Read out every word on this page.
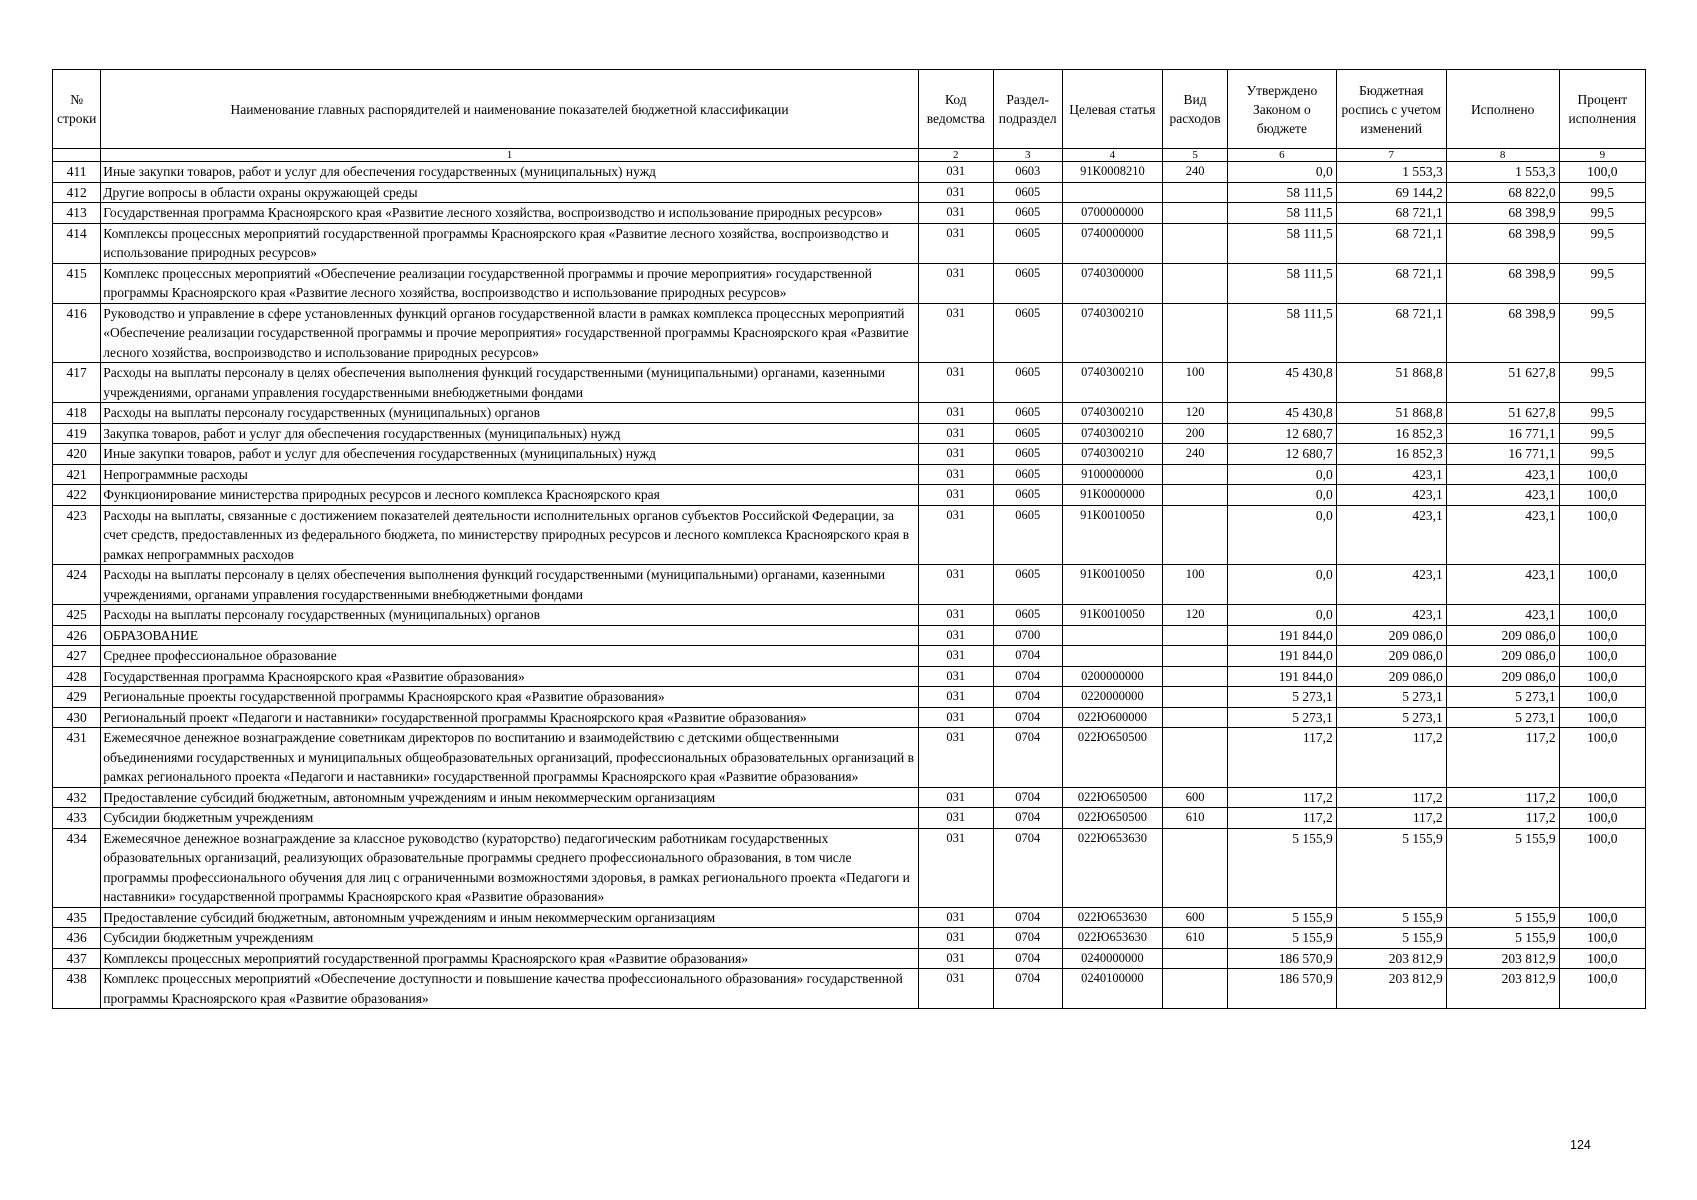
№ строки	Наименование главных распорядителей и наименование показателей бюджетной классификации	Код ведомства	Раздел-подраздел	Целевая статья	Вид расходов	Утверждено Законом о бюджете	Бюджетная роспись с учетом изменений	Исполнено	Процент исполнения
	1	2	3	4	5	6	7	8	9
411	Иные закупки товаров, работ и услуг для обеспечения государственных (муниципальных) нужд	031	0603	91К0008210	240	0,0	1 553,3	1 553,3	100,0
412	Другие вопросы в области охраны окружающей среды	031	0605			58 111,5	69 144,2	68 822,0	99,5
413	Государственная программа Красноярского края «Развитие лесного хозяйства, воспроизводство и использование природных ресурсов»	031	0605	0700000000		58 111,5	68 721,1	68 398,9	99,5
414	Комплексы процессных мероприятий государственной программы Красноярского края «Развитие лесного хозяйства, воспроизводство и использование природных ресурсов»	031	0605	0740000000		58 111,5	68 721,1	68 398,9	99,5
415	Комплекс процессных мероприятий «Обеспечение реализации государственной программы и прочие мероприятия» государственной программы Красноярского края «Развитие лесного хозяйства, воспроизводство и использование природных ресурсов»	031	0605	0740300000		58 111,5	68 721,1	68 398,9	99,5
416	Руководство и управление в сфере установленных функций органов государственной власти в рамках комплекса процессных мероприятий «Обеспечение реализации государственной программы и прочие мероприятия» государственной программы Красноярского края «Развитие лесного хозяйства, воспроизводство и использование природных ресурсов»	031	0605	0740300210		58 111,5	68 721,1	68 398,9	99,5
417	Расходы на выплаты персоналу в целях обеспечения выполнения функций государственными (муниципальными) органами, казенными учреждениями, органами управления государственными внебюджетными фондами	031	0605	0740300210	100	45 430,8	51 868,8	51 627,8	99,5
418	Расходы на выплаты персоналу государственных (муниципальных) органов	031	0605	0740300210	120	45 430,8	51 868,8	51 627,8	99,5
419	Закупка товаров, работ и услуг для обеспечения государственных (муниципальных) нужд	031	0605	0740300210	200	12 680,7	16 852,3	16 771,1	99,5
420	Иные закупки товаров, работ и услуг для обеспечения государственных (муниципальных) нужд	031	0605	0740300210	240	12 680,7	16 852,3	16 771,1	99,5
421	Непрограммные расходы	031	0605	9100000000		0,0	423,1	423,1	100,0
422	Функционирование министерства природных ресурсов и лесного комплекса Красноярского края	031	0605	91К0000000		0,0	423,1	423,1	100,0
423	Расходы на выплаты, связанные с достижением показателей деятельности исполнительных органов субъектов Российской Федерации, за счет средств, предоставленных из федерального бюджета, по министерству природных ресурсов и лесного комплекса Красноярского края в рамках непрограммных расходов	031	0605	91К0010050		0,0	423,1	423,1	100,0
424	Расходы на выплаты персоналу в целях обеспечения выполнения функций государственными (муниципальными) органами, казенными учреждениями, органами управления государственными внебюджетными фондами	031	0605	91К0010050	100	0,0	423,1	423,1	100,0
425	Расходы на выплаты персоналу государственных (муниципальных) органов	031	0605	91К0010050	120	0,0	423,1	423,1	100,0
426	ОБРАЗОВАНИЕ	031	0700			191 844,0	209 086,0	209 086,0	100,0
427	Среднее профессиональное образование	031	0704			191 844,0	209 086,0	209 086,0	100,0
428	Государственная программа Красноярского края «Развитие образования»	031	0704	0200000000		191 844,0	209 086,0	209 086,0	100,0
429	Региональные проекты государственной программы Красноярского края «Развитие образования»	031	0704	0220000000		5 273,1	5 273,1	5 273,1	100,0
430	Региональный проект «Педагоги и наставники» государственной программы Красноярского края «Развитие образования»	031	0704	022Ю600000		5 273,1	5 273,1	5 273,1	100,0
431	Ежемесячное денежное вознаграждение советникам директоров по воспитанию и взаимодействию с детскими общественными объединениями государственных и муниципальных общеобразовательных организаций, профессиональных образовательных организаций в рамках регионального проекта «Педагоги и наставники» государственной программы Красноярского края «Развитие образования»	031	0704	022Ю650500		117,2	117,2	117,2	100,0
432	Предоставление субсидий бюджетным, автономным учреждениям и иным некоммерческим организациям	031	0704	022Ю650500	600	117,2	117,2	117,2	100,0
433	Субсидии бюджетным учреждениям	031	0704	022Ю650500	610	117,2	117,2	117,2	100,0
434	Ежемесячное денежное вознаграждение за классное руководство (кураторство) педагогическим работникам государственных образовательных организаций, реализующих образовательные программы среднего профессионального образования, в том числе программы профессионального обучения для лиц с ограниченными возможностями здоровья, в рамках регионального проекта «Педагоги и наставники» государственной программы Красноярского края «Развитие образования»	031	0704	022Ю653630		5 155,9	5 155,9	5 155,9	100,0
435	Предоставление субсидий бюджетным, автономным учреждениям и иным некоммерческим организациям	031	0704	022Ю653630	600	5 155,9	5 155,9	5 155,9	100,0
436	Субсидии бюджетным учреждениям	031	0704	022Ю653630	610	5 155,9	5 155,9	5 155,9	100,0
437	Комплексы процессных мероприятий государственной программы Красноярского края «Развитие образования»	031	0704	0240000000		186 570,9	203 812,9	203 812,9	100,0
438	Комплекс процессных мероприятий «Обеспечение доступности и повышение качества профессионального образования» государственной программы Красноярского края «Развитие образования»	031	0704	0240100000		186 570,9	203 812,9	203 812,9	100,0
124
